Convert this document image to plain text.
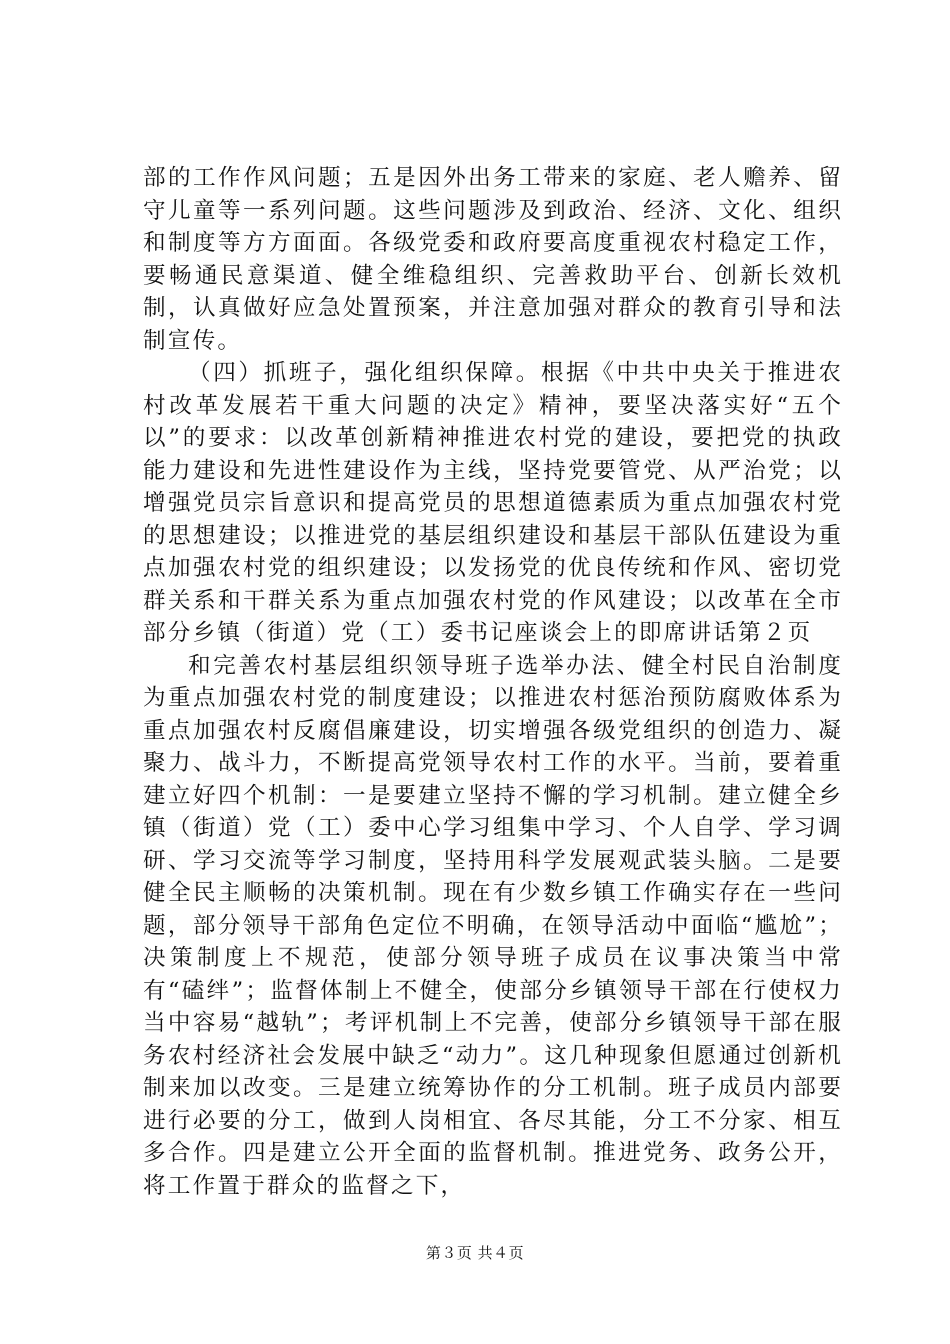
部的工作作风问题；五是因外出务工带来的家庭、老人赡养、留守儿童等一系列问题。这些问题涉及到政治、经济、文化、组织和制度等方方面面。各级党委和政府要高度重视农村稳定工作，要畅通民意渠道、健全维稳组织、完善救助平台、创新长效机制，认真做好应急处置预案，并注意加强对群众的教育引导和法制宣传。

（四）抓班子，强化组织保障。根据《中共中央关于推进农村改革发展若干重大问题的决定》精神，要坚决落实好“五个以”的要求：以改革创新精神推进农村党的建设，要把党的执政能力建设和先进性建设作为主线，坚持党要管党、从严治党；以增强党员宗旨意识和提高党员的思想道德素质为重点加强农村党的思想建设；以推进党的基层组织建设和基层干部队伍建设为重点加强农村党的组织建设；以发扬党的优良传统和作风、密切党群关系和干群关系为重点加强农村党的作风建设；以改革在全市部分乡镇（街道）党（工）委书记座谈会上的即席讲话第２页

和完善农村基层组织领导班子选举办法、健全村民自治制度为重点加强农村党的制度建设；以推进农村惩治预防腐败体系为重点加强农村反腐倡廉建设，切实增强各级党组织的创造力、凝聚力、战斗力，不断提高党领导农村工作的水平。当前，要着重建立好四个机制：一是要建立坚持不懈的学习机制。建立健全乡镇（街道）党（工）委中心学习组集中学习、个人自学、学习调研、学习交流等学习制度，坚持用科学发展观武装头脑。二是要健全民主顺畅的决策机制。现在有少数乡镇工作确实存在一些问题，部分领导干部角色定位不明确，在领导活动中面临“尴尬”；决策制度上不规范，使部分领导班子成员在议事决策当中常有“磕绊”；监督体制上不健全，使部分乡镇领导干部在行使权力当中容易“越轨”；考评机制上不完善，使部分乡镇领导干部在服务农村经济社会发展中缺乏“动力”。这几种现象但愿通过创新机制来加以改变。三是建立统筹协作的分工机制。班子成员内部要进行必要的分工，做到人岗相宜、各尽其能，分工不分家、相互多合作。四是建立公开全面的监督机制。推进党务、政务公开，将工作置于群众的监督之下，

第３页 共４页
